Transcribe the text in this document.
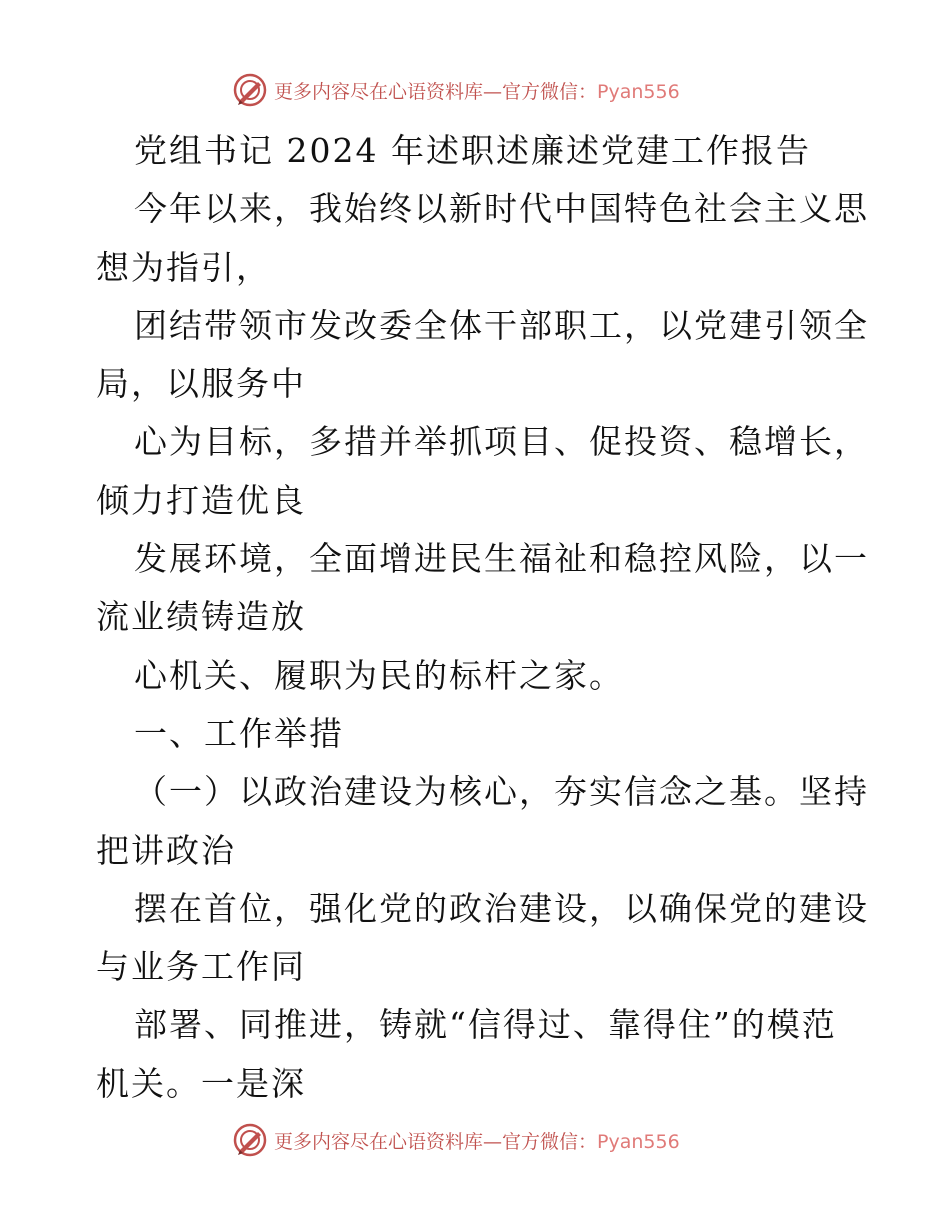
更多内容尽在心语资料库—官方微信：Pyan556
党组书记 2024 年述职述廉述党建工作报告
今年以来，我始终以新时代中国特色社会主义思
想为指引，
团结带领市发改委全体干部职工，以党建引领全
局，以服务中
心为目标，多措并举抓项目、促投资、稳增长，
倾力打造优良
发展环境，全面增进民生福祉和稳控风险，以一
流业绩铸造放
心机关、履职为民的标杆之家。
一、工作举措
（一）以政治建设为核心，夯实信念之基。坚持
把讲政治
摆在首位，强化党的政治建设，以确保党的建设
与业务工作同
部署、同推进，铸就“信得过、靠得住”的模范
机关。一是深
更多内容尽在心语资料库—官方微信：Pyan556
